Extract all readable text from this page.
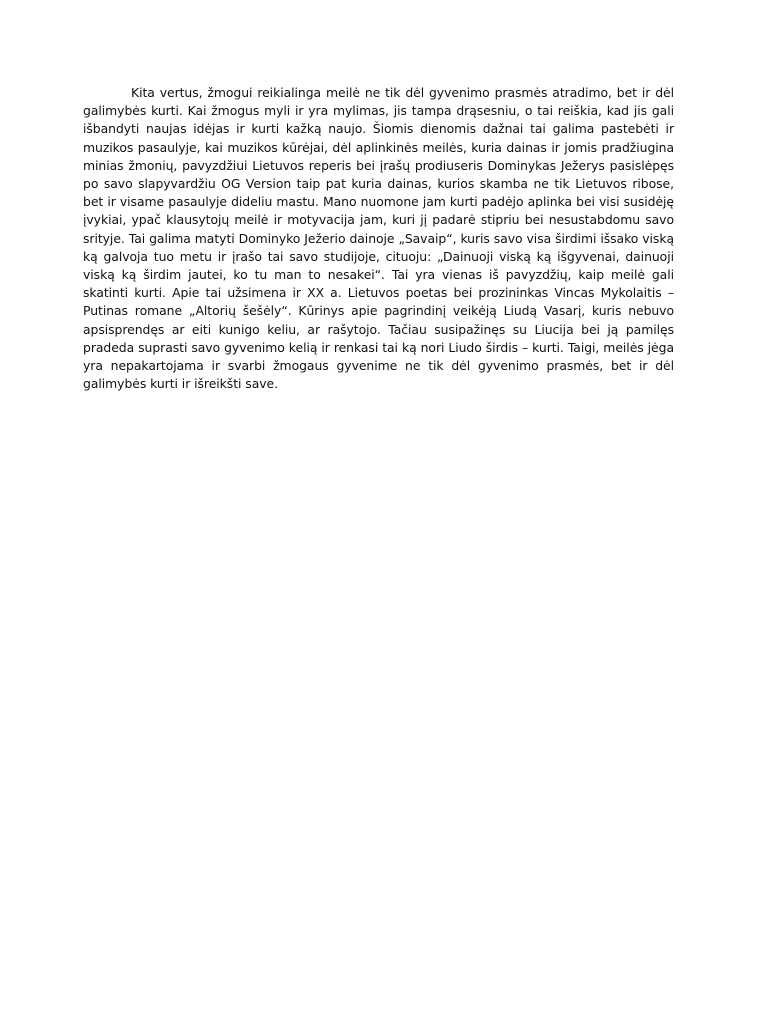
Kita vertus, žmogui reikialinga meilė ne tik dėl gyvenimo prasmės atradimo, bet ir dėl galimybės kurti. Kai žmogus myli ir yra mylimas, jis tampa drąsesniu, o tai reiškia, kad jis gali išbandyti naujas idėjas ir kurti kažką naujo. Šiomis dienomis dažnai tai galima pastebėti ir muzikos pasaulyje, kai muzikos kūrėjai, dėl aplinkinės meilės, kuria dainas ir jomis pradžiugina minias žmonių, pavyzdžiui Lietuvos reperis bei įrašų prodiuseris Dominykas Ježerys pasislėpęs po savo slapyvardžiu OG Version taip pat kuria dainas, kurios skamba ne tik Lietuvos ribose, bet ir visame pasaulyje dideliu mastu. Mano nuomone jam kurti padėjo aplinka bei visi susidėję įvykiai, ypač klausytojų meilė ir motyvacija jam, kuri jį padarė stipriu bei nesustabdomu savo srityje. Tai galima matyti Dominyko Ježerio dainoje „Savaip“, kuris savo visa širdimi išsako viską ką galvoja tuo metu ir įrašo tai savo studijoje, cituoju: „Dainuoji viską ką išgyvenai, dainuoji viską ką širdim jautei, ko tu man to nesakei“. Tai yra vienas iš pavyzdžių, kaip meilė gali skatinti kurti. Apie tai užsimena ir XX a. Lietuvos poetas bei prozininkas Vincas Mykolaitis – Putinas romane „Altorių šešėly“. Kūrinys apie pagrindinį veikėją Liudą Vasarį, kuris nebuvo apsisprendęs ar eiti kunigo keliu, ar rašytojo. Tačiau susipažinęs su Liucija bei ją pamilęs pradeda suprasti savo gyvenimo kelią ir renkasi tai ką nori Liudo širdis – kurti. Taigi, meilės jėga yra nepakartojama ir svarbi žmogaus gyvenime ne tik dėl gyvenimo prasmės, bet ir dėl galimybės kurti ir išreikšti save.
